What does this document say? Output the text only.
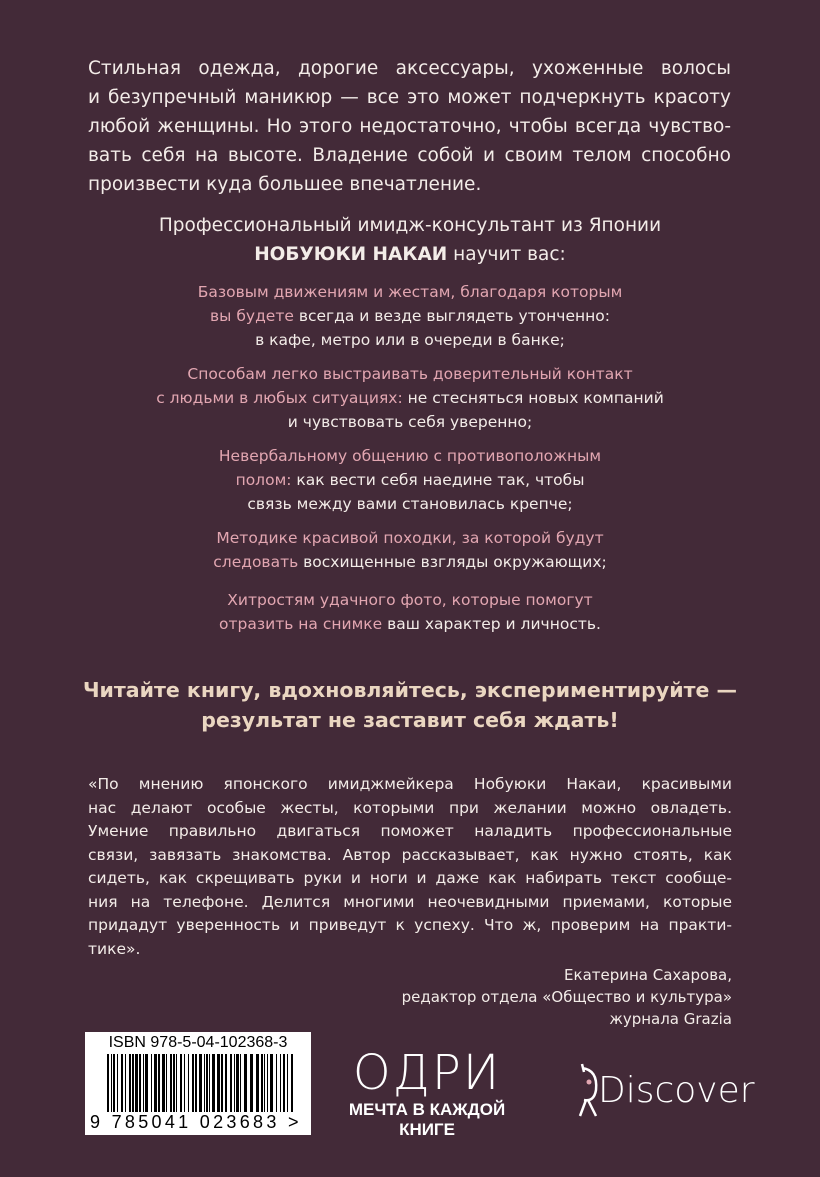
Стильная одежда, дорогие аксессуары, ухоженные волосы
и безупречный маникюр — все это может подчеркнуть красоту
любой женщины. Но этого недостаточно, чтобы всегда чувство-
вать себя на высоте. Владение собой и своим телом способно
произвести куда большее впечатление.
Профессиональный имидж-консультант из Японии
НОБУЮКИ НАКАИ научит вас:
Базовым движениям и жестам, благодаря которым
вы будете всегда и везде выглядеть утонченно:
в кафе, метро или в очереди в банке;
Способам легко выстраивать доверительный контакт
с людьми в любых ситуациях: не стесняться новых компаний
и чувствовать себя уверенно;
Невербальному общению с противоположным
полом: как вести себя наедине так, чтобы
связь между вами становилась крепче;
Методике красивой походки, за которой будут
следовать восхищенные взгляды окружающих;
Хитростям удачного фото, которые помогут
отразить на снимке ваш характер и личность.
Читайте книгу, вдохновляйтесь, экспериментируйте —
результат не заставит себя ждать!
«По мнению японского имиджмейкера Нобуюки Накаи, красивыми
нас делают особые жесты, которыми при желании можно овладеть.
Умение правильно двигаться поможет наладить профессиональные
связи, завязать знакомства. Автор рассказывает, как нужно стоять, как
сидеть, как скрещивать руки и ноги и даже как набирать текст сообще-
ния на телефоне. Делится многими неочевидными приемами, которые
придадут уверенность и приведут к успеху. Что ж, проверим на практи-
тике».
Екатерина Сахарова,
редактор отдела «Общество и культура»
журнала Grazia
ISBN 978-5-04-102368-3
9 785041 023683 >
ОДРИ
МЕЧТА В КАЖДОЙ КНИГЕ
Discover
